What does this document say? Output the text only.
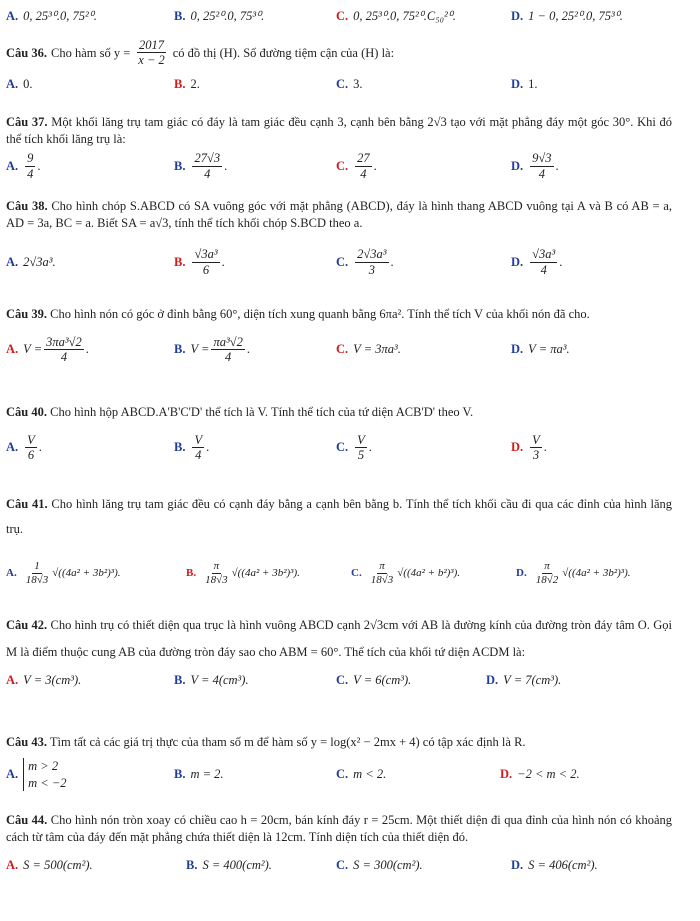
A. 0, 25³⁰.0, 75²⁰.	B. 0, 25²⁰.0, 75³⁰.	C. 0, 25³⁰.0, 75²⁰.C₅₀²⁰.	D. 1 − 0, 25²⁰.0, 75³⁰.
Câu 36. Cho hàm số $y = \frac{2017}{x - 2}$ có đồ thị (H). Số đường tiệm cận của (H) là:
A. 0.	B. 2.	C. 3.	D. 1.
Câu 37. Một khối lăng trụ tam giác có đáy là tam giác đều cạnh 3, cạnh bên bằng 2√3 tạo với mặt phẳng đáy một góc 30°. Khi đó thể tích khối lăng trụ là:
A. $\frac{9}{4}$ .	B. $\frac{27√3}{4}$ .	C. $\frac{27}{4}$ .	D. $\frac{9√3}{4}$ .
Câu 38. Cho hình chóp S.ABCD có SA vuông góc với mặt phẳng (ABCD), đáy là hình thang ABCD vuông tại A và B có AB = a, AD = 3a, BC = a. Biết SA = a√3, tính thể tích khối chóp S.BCD theo a.
A. 2√3a³.	B. $\frac{\text{√3a³}}{6}$ .	C. $\frac{\text{2√3a³}}{3}$ .	D. $\frac{\text{√3a³}}{4}$ .
Câu 39. Cho hình nón có góc ở đỉnh bằng 60°, diện tích xung quanh bằng 6πa². Tính thể tích V của khối nón đã cho.
A. $V = \frac{\text{3πa³√2}}{4}$ .	B. $V = \frac{\text{πa³√2}}{4}$ .	C. V = 3πa³.	D. V = πa³.
Câu 40. Cho hình hộp ABCD.A'B'C'D' thể tích là V. Tính thể tích của tứ diện ACB'D' theo V.
A. $\frac{V}{6}$ .	B. $\frac{V}{4}$ .	C. $\frac{V}{5}$ .	D. $\frac{V}{3}$ .
Câu 41. Cho hình lăng trụ tam giác đều có cạnh đáy bằng a cạnh bên bằng b. Tính thể tích khối cầu đi qua các đỉnh của hình lăng trụ.
A. $\frac{1}{18√3} √((4a^2 + 3b^2)^3)$.	B. $\frac{\pi}{18√3} √((4a^2 + 3b^2)^3)$.	C. $\frac{\pi}{18√3} √((4a^2 + b^2)^3)$.	D. $\frac{\pi}{18√2} √((4a^2 + 3b^2)^3)$.
Câu 42. Cho hình trụ có thiết diện qua trục là hình vuông ABCD cạnh 2√3cm với AB là đường kính của đường tròn đáy tâm O. Gọi M là điểm thuộc cung AB của đường tròn đáy sao cho ABM = 60°. Thể tích của khối tứ diện ACDM là:
A. V = 3(cm³).	B. V = 4(cm³).	C. V = 6(cm³).	D. V = 7(cm³).
Câu 43. Tìm tất cả các giá trị thực của tham số m để hàm số y = log(x² − 2mx + 4) có tập xác định là R.
A.
m > 2
m < −2
B. m = 2.	C. m < 2.	D. −2 < m < 2.
Câu 44. Cho hình nón tròn xoay có chiều cao h = 20cm, bán kính đáy r = 25cm. Một thiết diện đi qua đỉnh của hình nón có khoảng cách từ tâm của đáy đến mặt phẳng chứa thiết diện là 12cm. Tính diện tích của thiết diện đó.
A. S = 500(cm²).	B. S = 400(cm²).	C. S = 300(cm²).	D. S = 406(cm²).
